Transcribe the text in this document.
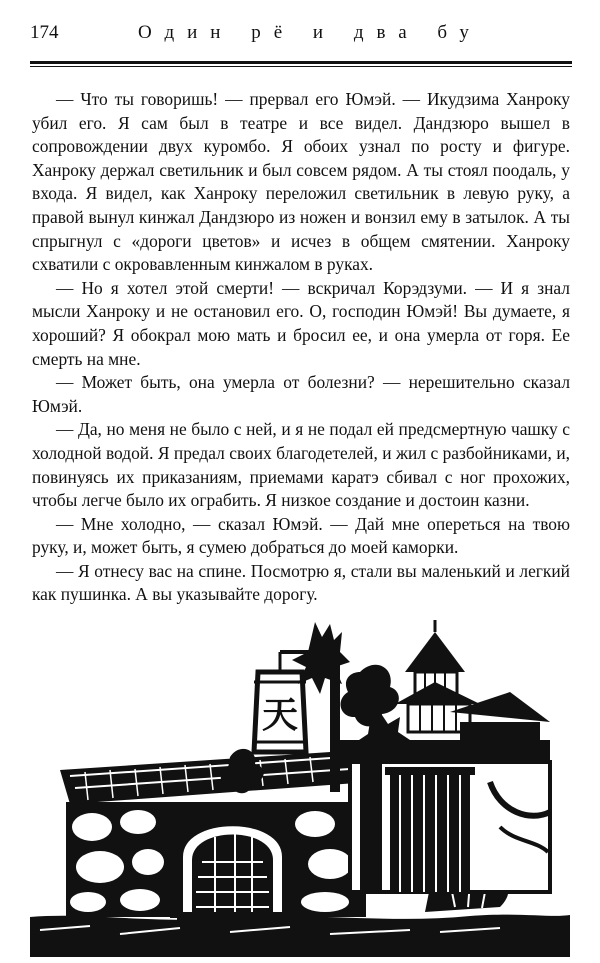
174	Один рё и два бу

— Что ты говоришь! — прервал его Юмэй. — Икудзима Ханроку убил его. Я сам был в театре и все видел. Дандзюро вышел в сопровождении двух куромбо. Я обоих узнал по росту и фигуре. Ханроку держал светильник и был совсем рядом. А ты стоял поодаль, у входа. Я видел, как Ханроку переложил светильник в левую руку, а правой вынул кинжал Дандзюро из ножен и вонзил ему в затылок. А ты спрыгнул с «дороги цветов» и исчез в общем смятении. Ханроку схватили с окровавленным кинжалом в руках.

— Но я хотел этой смерти! — вскричал Корэдзуми. — И я знал мысли Ханроку и не остановил его. О, господин Юмэй! Вы думаете, я хороший? Я обокрал мою мать и бросил ее, и она умерла от горя. Ее смерть на мне.

— Может быть, она умерла от болезни? — нерешительно сказал Юмэй.

— Да, но меня не было с ней, и я не подал ей предсмертную чашку с холодной водой. Я предал своих благодетелей, и жил с разбойниками, и, повинуясь их приказаниям, приемами каратэ сбивал с ног прохожих, чтобы легче было их ограбить. Я низкое создание и достоин казни.

— Мне холодно, — сказал Юмэй. — Дай мне опереться на твою руку, и, может быть, я сумею добраться до моей каморки.

— Я отнесу вас на спине. Посмотрю я, стали вы маленький и легкий как пушинка. А вы указывайте дорогу.

天
